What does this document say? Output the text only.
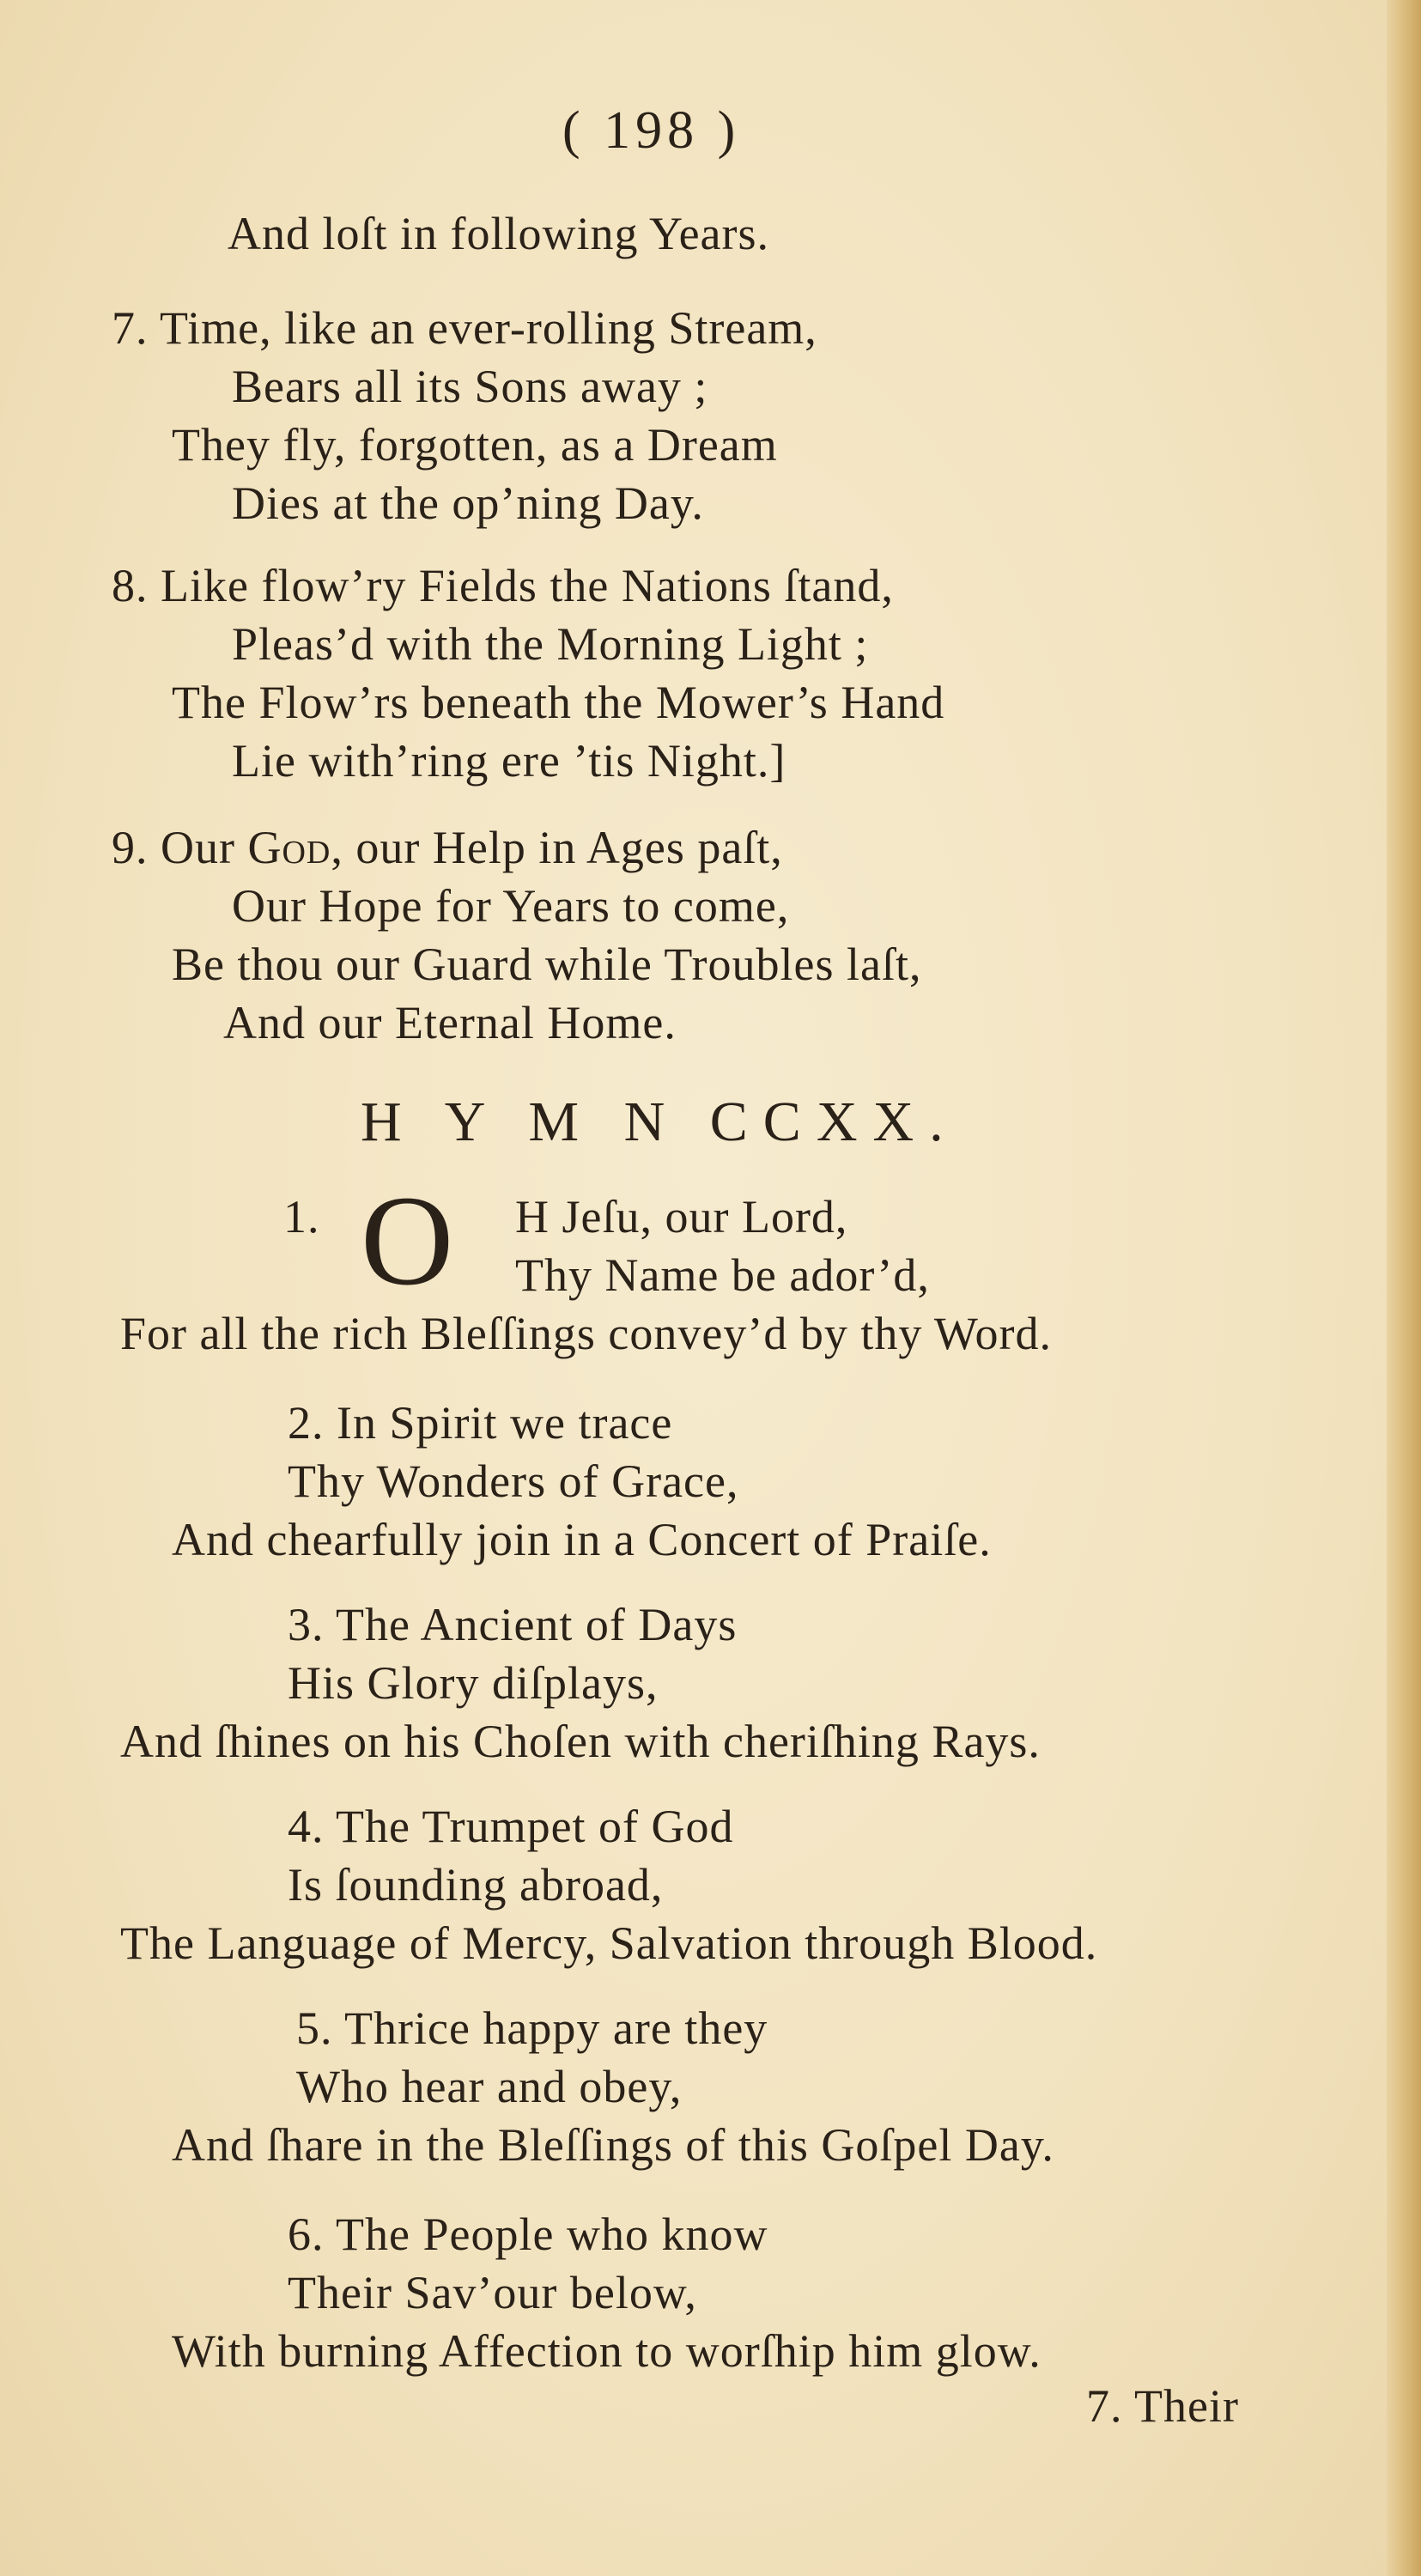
( 198 )
And loſt in following Years.
7. Time, like an ever-rolling Stream,
Bears all its Sons away ;
They fly, forgotten, as a Dream
Dies at the op’ning Day.
8. Like flow’ry Fields the Nations ſtand,
Pleas’d with the Morning Light ;
The Flow’rs beneath the Mower’s Hand
Lie with’ring ere ’tis Night.]
9. Our God, our Help in Ages paſt,
Our Hope for Years to come,
Be thou our Guard while Troubles laſt,
And our Eternal Home.
H Y M N CCXX.
1. O H Jeſu, our Lord,
Thy Name be ador’d,
For all the rich Bleſſings convey’d by thy Word.
2. In Spirit we trace
Thy Wonders of Grace,
And chearfully join in a Concert of Praiſe.
3. The Ancient of Days
His Glory diſplays,
And ſhines on his Choſen with cheriſhing Rays.
4. The Trumpet of God
Is ſounding abroad,
The Language of Mercy, Salvation through Blood.
5. Thrice happy are they
Who hear and obey,
And ſhare in the Bleſſings of this Goſpel Day.
6. The People who know
Their Sav’our below,
With burning Affection to worſhip him glow.
7. Their
